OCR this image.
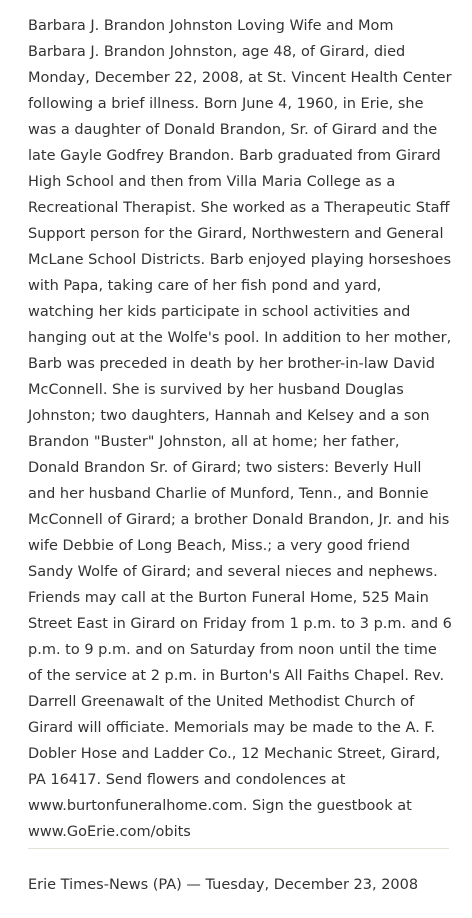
Barbara J. Brandon Johnston Loving Wife and Mom Barbara J. Brandon Johnston, age 48, of Girard, died Monday, December 22, 2008, at St. Vincent Health Center following a brief illness. Born June 4, 1960, in Erie, she was a daughter of Donald Brandon, Sr. of Girard and the late Gayle Godfrey Brandon. Barb graduated from Girard High School and then from Villa Maria College as a Recreational Therapist. She worked as a Therapeutic Staff Support person for the Girard, Northwestern and General McLane School Districts. Barb enjoyed playing horseshoes with Papa, taking care of her fish pond and yard, watching her kids participate in school activities and hanging out at the Wolfe's pool. In addition to her mother, Barb was preceded in death by her brother-in-law David McConnell. She is survived by her husband Douglas Johnston; two daughters, Hannah and Kelsey and a son Brandon "Buster" Johnston, all at home; her father, Donald Brandon Sr. of Girard; two sisters: Beverly Hull and her husband Charlie of Munford, Tenn., and Bonnie McConnell of Girard; a brother Donald Brandon, Jr. and his wife Debbie of Long Beach, Miss.; a very good friend Sandy Wolfe of Girard; and several nieces and nephews. Friends may call at the Burton Funeral Home, 525 Main Street East in Girard on Friday from 1 p.m. to 3 p.m. and 6 p.m. to 9 p.m. and on Saturday from noon until the time of the service at 2 p.m. in Burton's All Faiths Chapel. Rev. Darrell Greenawalt of the United Methodist Church of Girard will officiate. Memorials may be made to the A. F. Dobler Hose and Ladder Co., 12 Mechanic Street, Girard, PA 16417. Send flowers and condolences at www.burtonfuneralhome.com. Sign the guestbook at www.GoErie.com/obits

Erie Times-News (PA) — Tuesday, December 23, 2008
